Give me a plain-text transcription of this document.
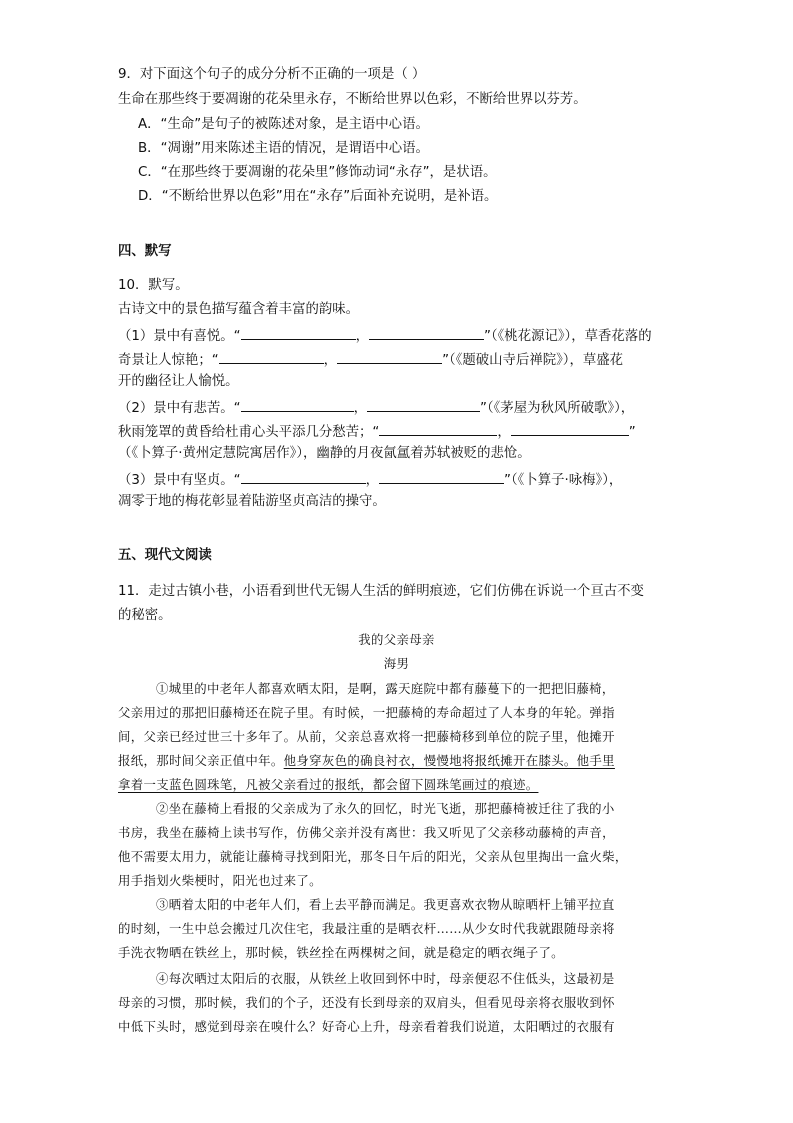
9．对下面这个句子的成分分析不正确的一项是（ ）
生命在那些终于要凋谢的花朵里永存，不断给世界以色彩，不断给世界以芬芳。
A．“生命”是句子的被陈述对象，是主语中心语。
B．“凋谢”用来陈述主语的情况，是谓语中心语。
C．“在那些终于要凋谢的花朵里”修饰动词“永存”，是状语。
D．“不断给世界以色彩”用在“永存”后面补充说明，是补语。
四、默写
10．默写。
古诗文中的景色描写蕴含着丰富的韵味。
（1）景中有喜悦。“	，	”（《桃花源记》），草香花落的
奇景让人惊艳；“	，	”（《题破山寺后禅院》），草盛花
开的幽径让人愉悦。
（2）景中有悲苦。“	，	”（《茅屋为秋风所破歌》），
秋雨笼罩的黄昏给杜甫心头平添几分愁苦；“	，	”
（《卜算子·黄州定慧院寓居作》），幽静的月夜氤氲着苏轼被贬的悲怆。
（3）景中有坚贞。“	，	”（《卜算子·咏梅》），
凋零于地的梅花彰显着陆游坚贞高洁的操守。
五、现代文阅读
11．走过古镇小巷，小语看到世代无锡人生活的鲜明痕迹，它们仿佛在诉说一个亘古不变
的秘密。
我的父亲母亲
海男
①城里的中老年人都喜欢晒太阳，是啊，露天庭院中都有藤蔓下的一把把旧藤椅，
父亲用过的那把旧藤椅还在院子里。有时候，一把藤椅的寿命超过了人本身的年轮。弹指
间，父亲已经过世三十多年了。从前，父亲总喜欢将一把藤椅移到单位的院子里，他摊开
报纸，那时间父亲正值中年。他身穿灰色的确良衬衣，慢慢地将报纸摊开在膝头。他手里
拿着一支蓝色圆珠笔，凡被父亲看过的报纸，都会留下圆珠笔画过的痕迹。
②坐在藤椅上看报的父亲成为了永久的回忆，时光飞逝，那把藤椅被迁往了我的小
书房，我坐在藤椅上读书写作，仿佛父亲并没有离世：我又听见了父亲移动藤椅的声音，
他不需要太用力，就能让藤椅寻找到阳光，那冬日午后的阳光，父亲从包里掏出一盒火柴，
用手指划火柴梗时，阳光也过来了。
③晒着太阳的中老年人们，看上去平静而满足。我更喜欢衣物从晾晒杆上铺平拉直
的时刻，一生中总会搬过几次住宅，我最注重的是晒衣杆……从少女时代我就跟随母亲将
手洗衣物晒在铁丝上，那时候，铁丝拴在两棵树之间，就是稳定的晒衣绳子了。
④每次晒过太阳后的衣服，从铁丝上收回到怀中时，母亲便忍不住低头，这最初是
母亲的习惯，那时候，我们的个子，还没有长到母亲的双肩头，但看见母亲将衣服收到怀
中低下头时，感觉到母亲在嗅什么？好奇心上升，母亲看着我们说道，太阳晒过的衣服有
